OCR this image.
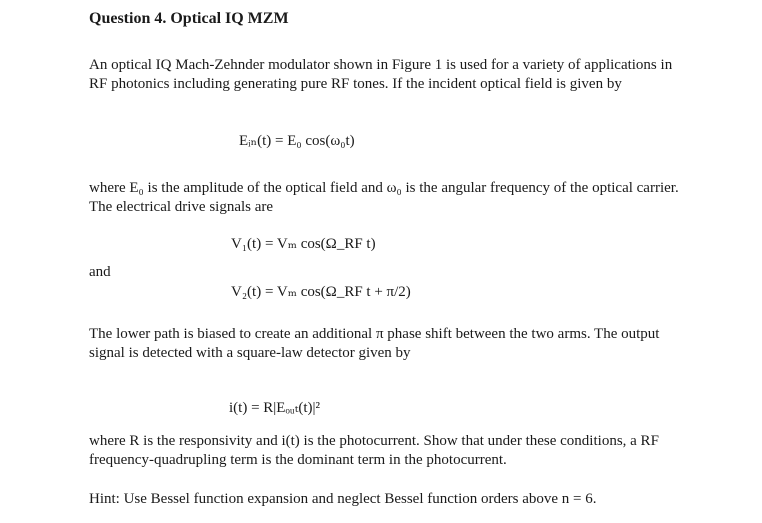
Question 4. Optical IQ MZM
An optical IQ Mach-Zehnder modulator shown in Figure 1 is used for a variety of applications in RF photonics including generating pure RF tones. If the incident optical field is given by
Eᵢₙ(t) = E₀ cos(ω₀t)
where E₀ is the amplitude of the optical field and ω₀ is the angular frequency of the optical carrier. The electrical drive signals are
V₁(t) = Vₘ cos(Ω_RF t)
and
V₂(t) = Vₘ cos(Ω_RF t + π/2)
The lower path is biased to create an additional π phase shift between the two arms. The output signal is detected with a square-law detector given by
i(t) = R|Eₒᵤₜ(t)|²
where R is the responsivity and i(t) is the photocurrent. Show that under these conditions, a RF frequency-quadrupling term is the dominant term in the photocurrent.
Hint: Use Bessel function expansion and neglect Bessel function orders above n = 6.
